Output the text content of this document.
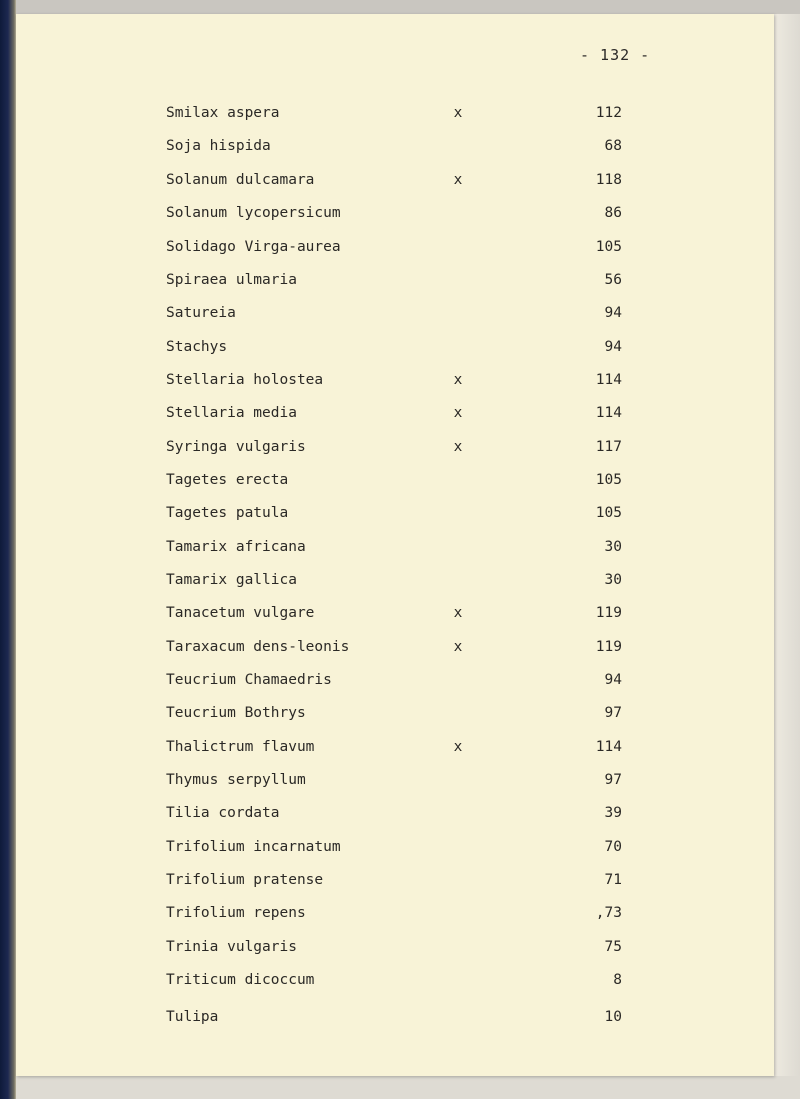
- 132 -
Smilax aspera	x	112
Soja hispida	68
Solanum dulcamara	x	118
Solanum lycopersicum	86
Solidago Virga-aurea	105
Spiraea ulmaria	56
Satureia	94
Stachys	94
Stellaria holostea	x	114
Stellaria media	x	114
Syringa vulgaris	x	117
Tagetes erecta	105
Tagetes patula	105
Tamarix africana	30
Tamarix gallica	30
Tanacetum vulgare	x	119
Taraxacum dens-leonis	x	119
Teucrium Chamaedris	94
Teucrium Bothrys	97
Thalictrum flavum	x	114
Thymus serpyllum	97
Tilia cordata	39
Trifolium incarnatum	70
Trifolium pratense	71
Trifolium repens	,73
Trinia vulgaris	75
Triticum dicoccum	8
Tulipa	10
